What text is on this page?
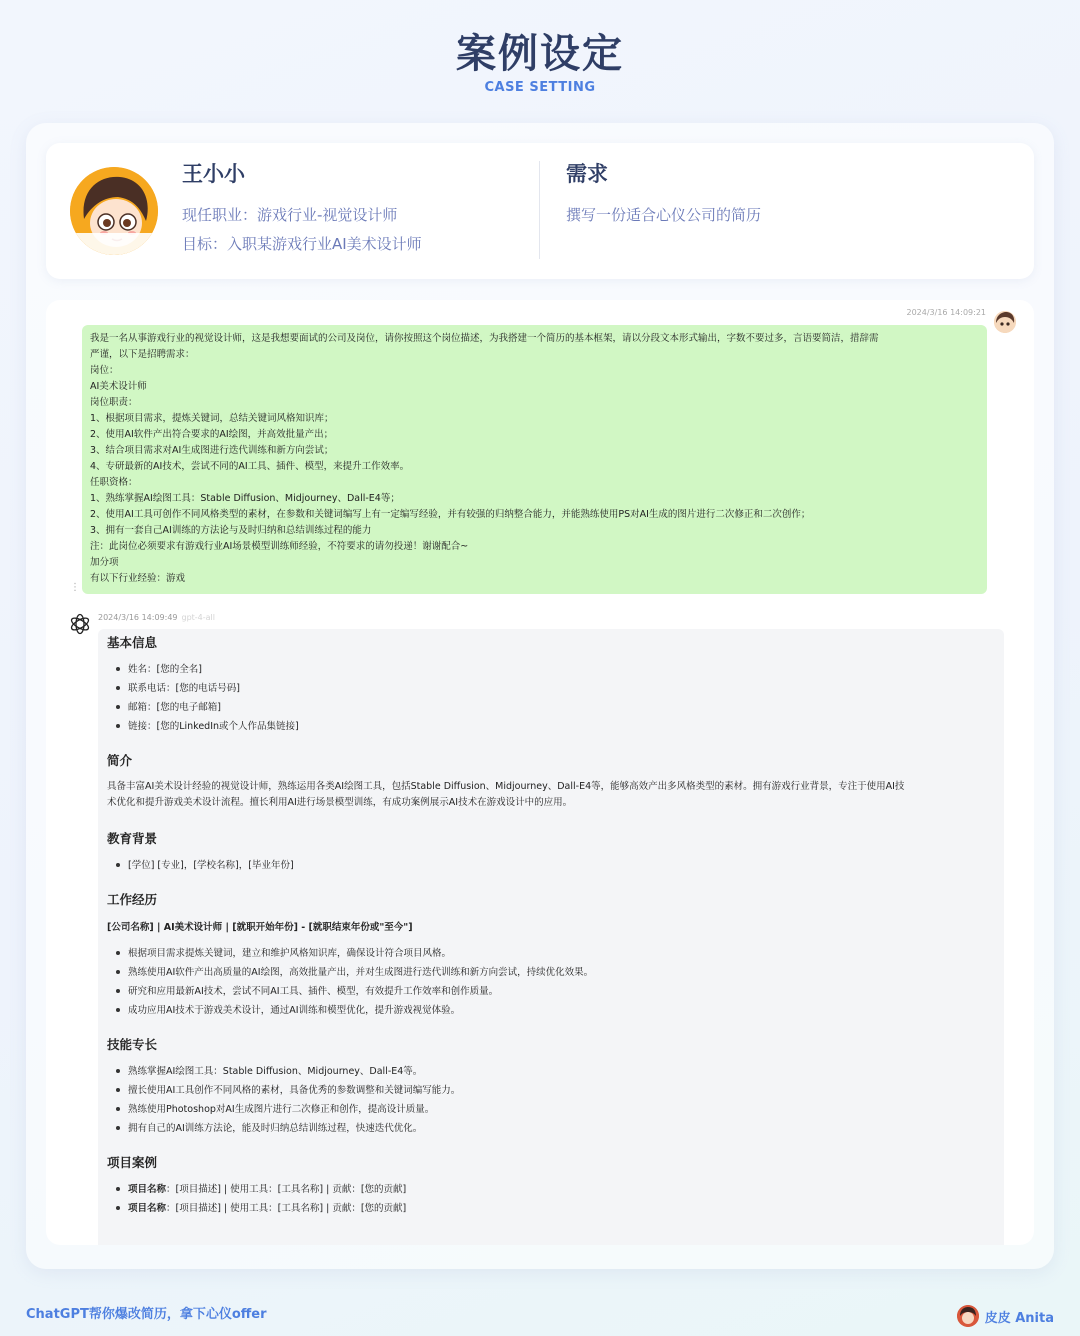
案例设定
CASE SETTING
王小小
现任职业：游戏行业-视觉设计师
目标：入职某游戏行业AI美术设计师
需求
撰写一份适合心仪公司的简历
2024/3/16 14:09:21
我是一名从事游戏行业的视觉设计师，这是我想要面试的公司及岗位，请你按照这个岗位描述，为我搭建一个简历的基本框架，请以分段文本形式输出，字数不要过多，言语要简洁，措辞需
严谨，以下是招聘需求：
岗位：
AI美术设计师
岗位职责：
1、根据项目需求，提炼关键词，总结关键词风格知识库；
2、使用AI软件产出符合要求的AI绘图，并高效批量产出；
3、结合项目需求对AI生成图进行迭代训练和新方向尝试；
4、专研最新的AI技术，尝试不同的AI工具、插件、模型，来提升工作效率。
任职资格：
1、熟练掌握AI绘图工具：Stable Diffusion、Midjourney、Dall-E4等；
2、使用AI工具可创作不同风格类型的素材，在参数和关键词编写上有一定编写经验，并有较强的归纳整合能力，并能熟练使用PS对AI生成的图片进行二次修正和二次创作；
3、拥有一套自己AI训练的方法论与及时归纳和总结训练过程的能力
注：此岗位必须要求有游戏行业AI场景模型训练师经验，不符要求的请勿投递！谢谢配合~
加分项
有以下行业经验：游戏
⋮
2024/3/16 14:09:49 gpt-4-all
基本信息
姓名：[您的全名]
联系电话：[您的电话号码]
邮箱：[您的电子邮箱]
链接：[您的LinkedIn或个人作品集链接]
简介

具备丰富AI美术设计经验的视觉设计师，熟练运用各类AI绘图工具，包括Stable Diffusion、Midjourney、Dall-E4等，能够高效产出多风格类型的素材。拥有游戏行业背景，专注于使用AI技

术优化和提升游戏美术设计流程。擅长利用AI进行场景模型训练，有成功案例展示AI技术在游戏设计中的应用。

教育背景
[学位] [专业]，[学校名称]，[毕业年份]
工作经历

[公司名称] | AI美术设计师 | [就职开始年份] - [就职结束年份或"至今"]

根据项目需求提炼关键词，建立和维护风格知识库，确保设计符合项目风格。
熟练使用AI软件产出高质量的AI绘图，高效批量产出，并对生成图进行迭代训练和新方向尝试，持续优化效果。
研究和应用最新AI技术，尝试不同AI工具、插件、模型，有效提升工作效率和创作质量。
成功应用AI技术于游戏美术设计，通过AI训练和模型优化，提升游戏视觉体验。
技能专长
熟练掌握AI绘图工具：Stable Diffusion、Midjourney、Dall-E4等。
擅长使用AI工具创作不同风格的素材，具备优秀的参数调整和关键词编写能力。
熟练使用Photoshop对AI生成图片进行二次修正和创作，提高设计质量。
拥有自己的AI训练方法论，能及时归纳总结训练过程，快速迭代优化。
项目案例
项目名称：[项目描述] | 使用工具：[工具名称] | 贡献：[您的贡献]
项目名称：[项目描述] | 使用工具：[工具名称] | 贡献：[您的贡献]
ChatGPT帮你爆改简历，拿下心仪offer	皮皮 Anita
